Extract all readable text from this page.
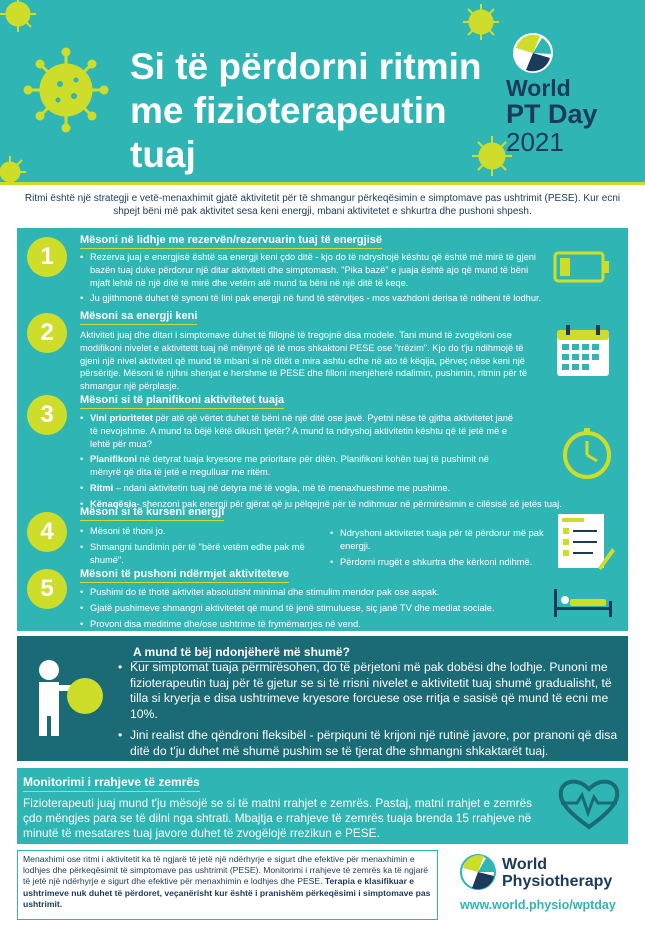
Si të përdorni ritmin me fizioterapeutin tuaj
World
PT Day
2021

Ritmi është një strategji e vetë-menaxhimit gjatë aktivitetit për të shmangur përkeqësimin e simptomave pas ushtrimit (PESE). Kur ecni shpejt bëni më pak aktivitet sesa keni energji, mbani aktivitetet e shkurtra dhe pushoni shpesh.

1
Mësoni në lidhje me rezervën/rezervuarin tuaj të energjisë
• Rezerva juaj e energjisë është sa energji keni çdo ditë - kjo do të ndryshojë kështu që është më mirë të gjeni bazën tuaj duke përdorur një ditar aktiviteti dhe simptomash. "Pika bazë" e juaja është ajo që mund të bëni mjaft lehtë në një ditë të mirë dhe vetëm atë mund ta bëni në një ditë të keqe.
• Ju gjithmonë duhet të synoni të lini pak energji në fund të stërvitjes - mos vazhdoni derisa të ndiheni të lodhur.
2
Mësoni sa energji keni

Aktiviteti juaj dhe ditari i simptomave duhet të fillojnë të tregojnë disa modele. Tani mund të zvogëloni ose modifikoni nivelet e aktivitetit tuaj në mënyrë që të mos shkaktoni PESE ose "rrëzim". Kjo do t'ju ndihmojë të gjeni një nivel aktiviteti që mund të mbani si në ditët e mira ashtu edhe në ato të këqija, përveç nëse keni një përsëritje. Mësoni të njihni shenjat e hershme të PESE dhe filloni menjëherë ndalimin, pushimin, ritmin për të shmangur një përplasje.

3
Mësoni si të planifikoni aktivitetet tuaja
• Vini prioritetet për atë që vërtet duhet të bëni në një ditë ose javë. Pyetni nëse të gjitha aktivitetet janë të nevojshme. A mund ta bëjë këtë dikush tjetër? A mund ta ndryshoj aktivitetin kështu që të jetë më e lehtë për mua?
• Planifikoni në detyrat tuaja kryesore me prioritare për ditën. Planifikoni kohën tuaj të pushimit në mënyrë që dita të jetë e rregulluar me ritëm.
• Ritmi – ndani aktivitetin tuaj në detyra më të vogla, më të menaxhueshme me pushime.
• Kënaqësia- shenzoni pak energji për gjërat që ju pëlqejnë për të ndihmuar në përmirësimin e cilësisë së jetës tuaj.
4
Mësoni si të kurseni energji
• Mësoni të thoni jo.
• Shmangni tundimin për të "bërë vetëm edhe pak më shumë".
• Ndryshoni aktivitetet tuaja për të përdorur më pak energji.
• Përdorni rrugët e shkurtra dhe kërkoni ndihmë.
5
Mësoni të pushoni ndërmjet aktiviteteve
• Pushimi do të thotë aktivitet absolutisht minimal dhe stimulim mendor pak ose aspak.
• Gjatë pushimeve shmangni aktivitetet që mund të jenë stimuluese, siç janë TV dhe mediat sociale.
• Provoni disa meditime dhe/ose ushtrime të frymëmarrjes në vend.
A mund të bëj ndonjëherë më shumë?
• Kur simptomat tuaja përmirësohen, do të përjetoni më pak dobësi dhe lodhje. Punoni me fizioterapeutin tuaj për të gjetur se si të rrisni nivelet e aktivitetit tuaj shumë gradualisht, të tilla si kryerja e disa ushtrimeve kryesore forcuese ose rritja e sasisë që mund të ecni me 10%.
• Jini realist dhe qëndroni fleksibël - përpiquni të krijoni një rutinë javore, por pranoni që disa ditë do t'ju duhet më shumë pushim se të tjerat dhe shmangni shkaktarët tuaj.
•
Monitorimi i rrahjeve të zemrës

Fizioterapeuti juaj mund t'ju mësojë se si të matni rrahjet e zemrës. Pastaj, matni rrahjet e zemrës çdo mëngjes para se të dilni nga shtrati. Mbajtja e rrahjeve të zemrës tuaja brenda 15 rrahjeve në minutë të mesatares tuaj javore duhet të zvogëlojë rrezikun e PESE.

Menaxhimi ose ritmi i aktivitetit ka të ngjarë të jetë një ndërhyrje e sigurt dhe efektive për menaxhimin e lodhjes dhe përkeqësimit të simptomave pas ushtrimit (PESE). Monitorimi i rrahjeve të zemrës ka të ngjarë të jetë një ndërhyrje e sigurt dhe efektive për menaxhimin e lodhjes dhe PESE. Terapia e klasifikuar e ushtrimeve nuk duhet të përdoret, veçanërisht kur është i pranishëm përkeqësimi i simptomave pas ushtrimit.

World
Physiotherapy
www.world.physio/wptday
